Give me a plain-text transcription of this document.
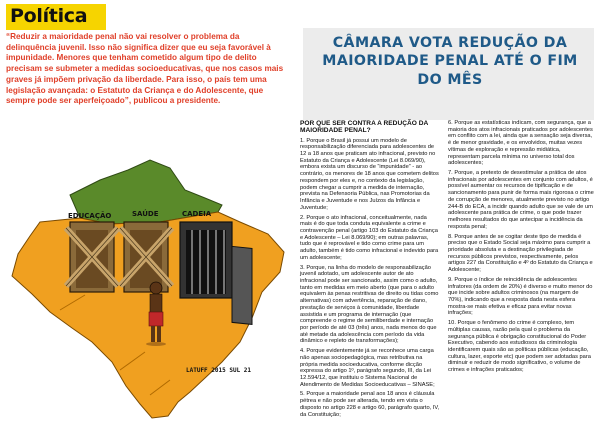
Política

“Reduzir a maioridade penal não vai resolver o problema da delinquência juvenil. Isso não significa dizer que eu seja favorável à impunidade. Menores que tenham cometido algum tipo de delito precisam se submeter a medidas socioeducativas, que nos casos mais graves já impõem privação da liberdade. Para isso, o país tem uma legislação avançada: o Estatuto da Criança e do Adolescente, que sempre pode ser aperfeiçoado”, publicou a presidente.

CÂMARA VOTA REDUÇÃO DA MAIORIDADE PENAL ATÉ O FIM DO MÊS
EDUCAÇÃO	SAÚDE	CADEIA
LATUFF 2015 SUL 21
POR QUE SER CONTRA A REDUÇÃO DA MAIORIDADE PENAL?

1. Porque o Brasil já possui um modelo de responsabilização diferenciada para adolescentes de 12 a 18 anos que praticam ato infracional, previsto no Estatuto da Criança e Adolescente (Lei 8.069/90), embora exista um discurso de “impunidade” - ao contrário, os menores de 18 anos que cometem delitos respondem por eles e, no contexto da legislação, podem chegar a cumprir a medida de internação, prevista na Defensoria Pública, nas Promotorias da Infância e Juventude e nos Juízos da Infância e Juventude;

2. Porque o ato infracional, conceitualmente, nada mais é do que toda conduta equivalente a crime e contravenção penal (artigo 103 do Estatuto da Criança e Adolescente – Lei 8.069/90); em outras palavras, tudo que é reprovável e tido como crime para um adulto, também é tido como infracional e indevido para um adolescente;

3. Porque, na linha do modelo de responsabilização juvenil adotado, um adolescente autor de ato infracional pode ser sancionado, assim como o adulto, tanto em medidas em meio aberto (que para o adulto equivalem às penas restritivas de direito ou tidas como alternativas) com advertência, reparação de dano, prestação de serviços à comunidade, liberdade assistida e um programa de internação (que compreende o regime de semiliberdade e internação por período de até 03 (três) anos, nada menos do que até metade da adolescência com período da vida dinâmico e repleto de transformações);

4. Porque evidentemente já se reconhece uma carga não apenas sociopedagógica, mas retributiva na própria medida socioeducativa, conforme dicção expressa do artigo 1º, parágrafo segundo, III, da Lei 12.594/12, que instituiu o Sistema Nacional de Atendimento de Medidas Socioeducativas – SINASE;

5. Porque a maioridade penal aos 18 anos é cláusula pétrea e não pode ser alterada, tendo em vista o disposto no artigo 228 e artigo 60, parágrafo quarto, IV, da Constituição;

6. Porque as estatísticas indicam, com segurança, que a maioria dos atos infracionais praticados por adolescentes em conflito com a lei, ainda que a sensação seja diversa, é de menor gravidade, e os envolvidos, muitas vezes vítimas de exploração e repressão midiática, representam parcela mínima no universo total dos adolescentes;

7. Porque, a pretexto de desestimular a prática de atos infracionais por adolescentes em conjunto com adultos, é possível aumentar os recursos de tipificação e de sancionamento para punir de forma mais rigorosa o crime de corrupção de menores, atualmente previsto no artigo 244-B do ECA, a incidir quando adulto que se vale de um adolescente para prática de crime, o que pode trazer melhores resultados do que antecipar a incidência da resposta penal;

8. Porque antes de se cogitar deste tipo de medida é preciso que o Estado Social seja máximo para cumprir a prioridade absoluta e a destinação privilegiada de recursos públicos previstos, respectivamente, pelos artigos 227 da Constituição e 4º do Estatuto da Criança e Adolescente;

9. Porque o índice de reincidência de adolescentes infratores (da ordem de 20%) é diverso e muito menor do que incide sobre adultos criminosos (na margem de 70%), indicando que a resposta dada nesta esfera mostra-se mais efetiva e eficaz para evitar novas infrações;

10. Porque o fenômeno do crime é complexo, tem múltiplas causas, razão pela qual o problema da segurança pública é obrigação constitucional do Poder Executivo, cabendo aos estudiosos da criminologia identificarem quais são as políticas públicas (educação, cultura, lazer, esporte etc) que podem ser adotadas para diminuir e reduzir de modo significativo, o volume de crimes e infrações praticados;
